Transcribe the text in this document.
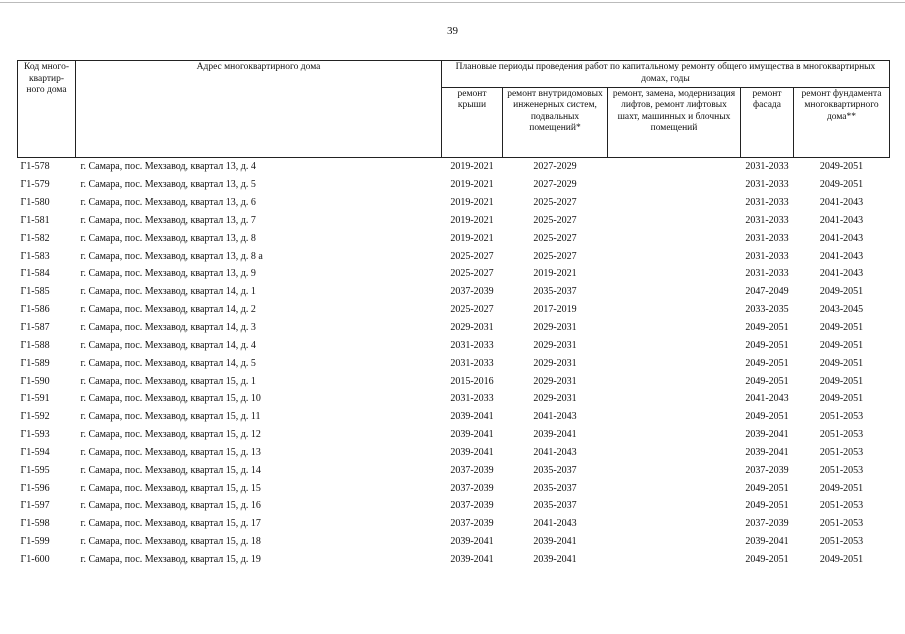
39
Код много-квартир-ного дома	Адрес многоквартирного дома	Плановые периоды проведения работ по капитальному ремонту общего имущества в многоквартирных домах, годы				
		ремонт крыши	ремонт внутридомовых инженерных систем, подвальных помещений*	ремонт, замена, модернизация лифтов, ремонт лифтовых шахт, машинных и блочных помещений	ремонт фасада	ремонт фундамента многоквартирного дома**
Г1-578	г. Самара, пос. Мехзавод, квартал 13, д. 4	2019-2021	2027-2029		2031-2033	2049-2051
Г1-579	г. Самара, пос. Мехзавод, квартал 13, д. 5	2019-2021	2027-2029		2031-2033	2049-2051
Г1-580	г. Самара, пос. Мехзавод, квартал 13, д. 6	2019-2021	2025-2027		2031-2033	2041-2043
Г1-581	г. Самара, пос. Мехзавод, квартал 13, д. 7	2019-2021	2025-2027		2031-2033	2041-2043
Г1-582	г. Самара, пос. Мехзавод, квартал 13, д. 8	2019-2021	2025-2027		2031-2033	2041-2043
Г1-583	г. Самара, пос. Мехзавод, квартал 13, д. 8 а	2025-2027	2025-2027		2031-2033	2041-2043
Г1-584	г. Самара, пос. Мехзавод, квартал 13, д. 9	2025-2027	2019-2021		2031-2033	2041-2043
Г1-585	г. Самара, пос. Мехзавод, квартал 14, д. 1	2037-2039	2035-2037		2047-2049	2049-2051
Г1-586	г. Самара, пос. Мехзавод, квартал 14, д. 2	2025-2027	2017-2019		2033-2035	2043-2045
Г1-587	г. Самара, пос. Мехзавод, квартал 14, д. 3	2029-2031	2029-2031		2049-2051	2049-2051
Г1-588	г. Самара, пос. Мехзавод, квартал 14, д. 4	2031-2033	2029-2031		2049-2051	2049-2051
Г1-589	г. Самара, пос. Мехзавод, квартал 14, д. 5	2031-2033	2029-2031		2049-2051	2049-2051
Г1-590	г. Самара, пос. Мехзавод, квартал 15, д. 1	2015-2016	2029-2031		2049-2051	2049-2051
Г1-591	г. Самара, пос. Мехзавод, квартал 15, д. 10	2031-2033	2029-2031		2041-2043	2049-2051
Г1-592	г. Самара, пос. Мехзавод, квартал 15, д. 11	2039-2041	2041-2043		2049-2051	2051-2053
Г1-593	г. Самара, пос. Мехзавод, квартал 15, д. 12	2039-2041	2039-2041		2039-2041	2051-2053
Г1-594	г. Самара, пос. Мехзавод, квартал 15, д. 13	2039-2041	2041-2043		2039-2041	2051-2053
Г1-595	г. Самара, пос. Мехзавод, квартал 15, д. 14	2037-2039	2035-2037		2037-2039	2051-2053
Г1-596	г. Самара, пос. Мехзавод, квартал 15, д. 15	2037-2039	2035-2037		2049-2051	2049-2051
Г1-597	г. Самара, пос. Мехзавод, квартал 15, д. 16	2037-2039	2035-2037		2049-2051	2051-2053
Г1-598	г. Самара, пос. Мехзавод, квартал 15, д. 17	2037-2039	2041-2043		2037-2039	2051-2053
Г1-599	г. Самара, пос. Мехзавод, квартал 15, д. 18	2039-2041	2039-2041		2039-2041	2051-2053
Г1-600	г. Самара, пос. Мехзавод, квартал 15, д. 19	2039-2041	2039-2041		2049-2051	2049-2051
